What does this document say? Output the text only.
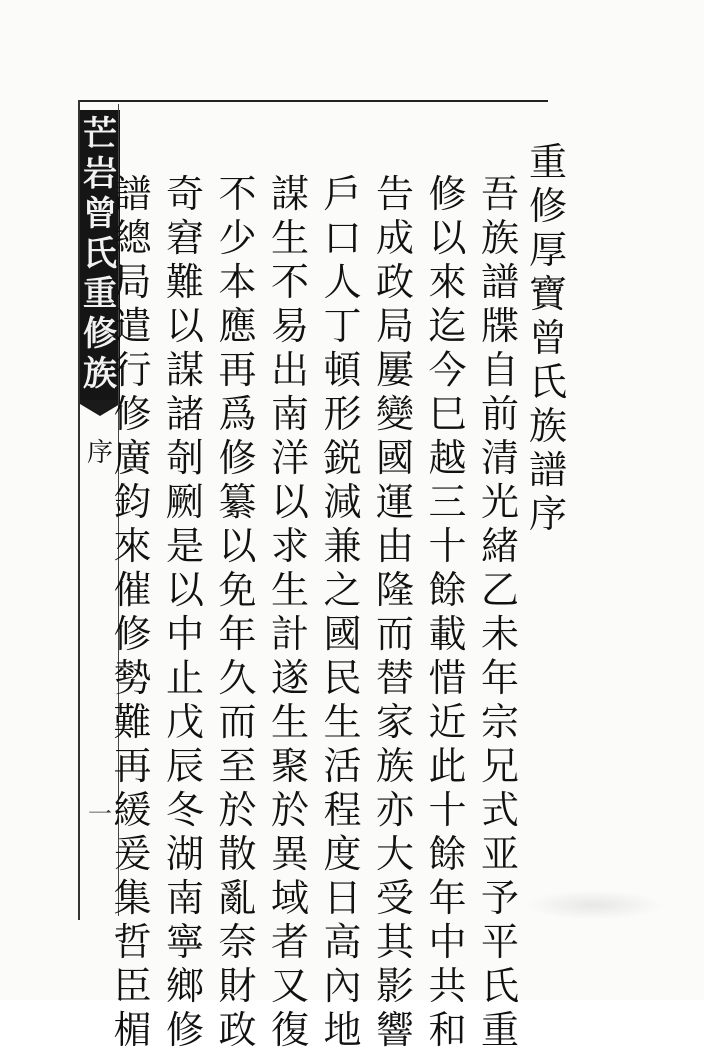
芒
岩
曾
氏
重
修
族
序
一
重
修
厚
寶
曾
氏
族
譜
序
吾
族
譜
牒
自
前
清
光
緒
乙
未
年
宗
兄
式
亚
予
平
氏
重
修
以
來
迄
今
巳
越
三
十
餘
載
惜
近
此
十
餘
年
中
共
和
告
成
政
局
屢
變
國
運
由
隆
而
替
家
族
亦
大
受
其
影
響
戶
口
人
丁
頓
形
鋭
減
兼
之
國
民
生
活
程
度
日
高
內
地
謀
生
不
易
出
南
洋
以
求
生
計
遂
生
聚
於
異
域
者
又
復
不
少
本
應
再
爲
修
纂
以
免
年
久
而
至
於
散
亂
奈
財
政
奇
窘
難
以
謀
諸
剞
劂
是
以
中
止
戊
辰
冬
湖
南
寧
鄉
修
譜
總
局
遣
行
修
廣
鈞
來
催
修
勢
難
再
緩
爰
集
哲
臣
楣
